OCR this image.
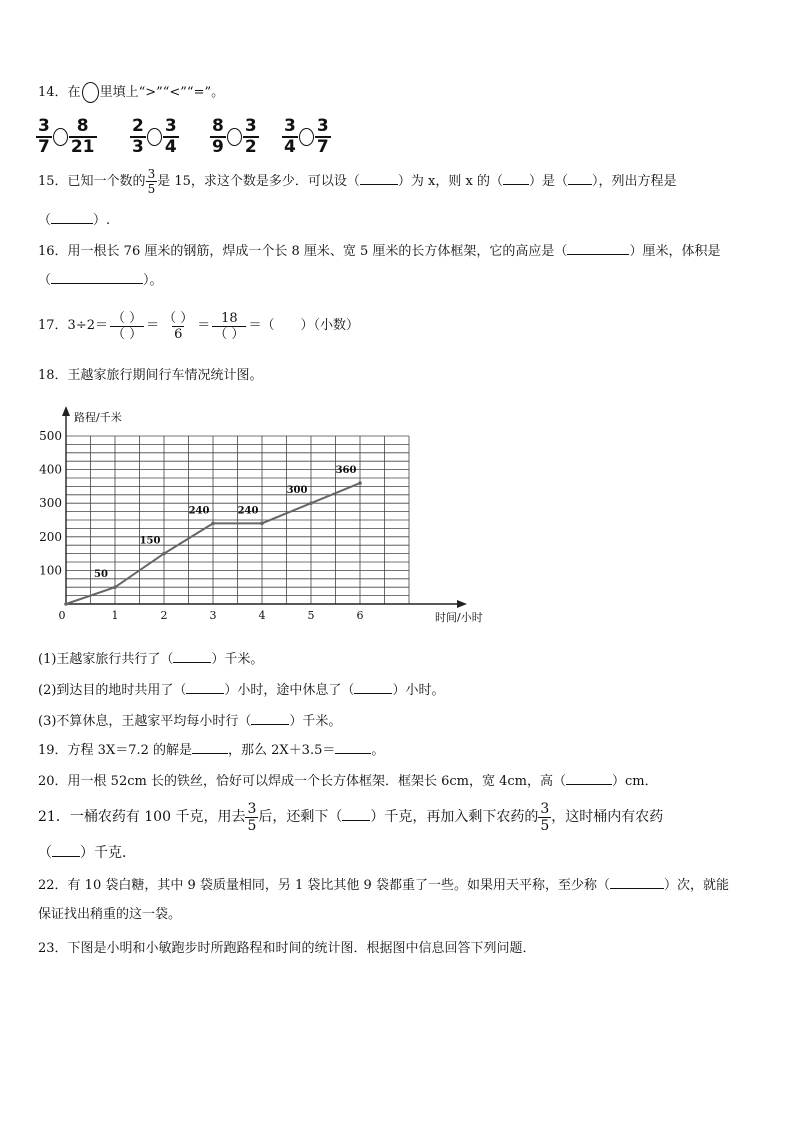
14．在 里填上“>”“<”“=”。
$\frac{3}{7} \frac{8}{21} \frac{2}{3} \frac{3}{4} \frac{8}{9} \frac{3}{2} \frac{3}{4} \frac{3}{7}$
15．已知一个数的 $\frac{3}{5}$ 是 15，求这个数是多少．可以设（	）为 x，则 x 的（ ）是（ ），列出方程是
（	）.
16．用一根长 76 厘米的钢筋，焊成一个长 8 厘米、宽 5 厘米的长方体框架，它的高应是（	）厘米，体积是
（	）。
17． $3\div 2= \frac{( )}{( )} = \frac{( )}{6} = \frac{18}{( )}$ ＝（ ）（小数）
18．王越家旅行期间行车情况统计图。
100
200
300
400
500
0	1	2	3	4	5	6
50
150
240	240
300
360
路程/千米
时间/小时
(1)王越家旅行共行了（	）千米。
(2)到达目的地时共用了（	）小时，途中休息了（	）小时。
(3)不算休息，王越家平均每小时行（	）千米。
19．方程 3X＝7.2 的解是	，那么 2X＋3.5＝	。
20．用一根 52cm 长的铁丝，恰好可以焊成一个长方体框架．框架长 6cm，宽 4cm，高（	）cm．
21．一桶农药有 100 千克，用去 $\frac{3}{5}$ 后，还剩下（ ）千克，再加入剩下农药的 $\frac{3}{5}$ ，这时桶内有农药
（ ）千克．
22．有 10 袋白糖，其中 9 袋质量相同，另 1 袋比其他 9 袋都重了一些。如果用天平称，至少称（	）次，就能
保证找出稍重的这一袋。
23．下图是小明和小敏跑步时所跑路程和时间的统计图．根据图中信息回答下列问题．
